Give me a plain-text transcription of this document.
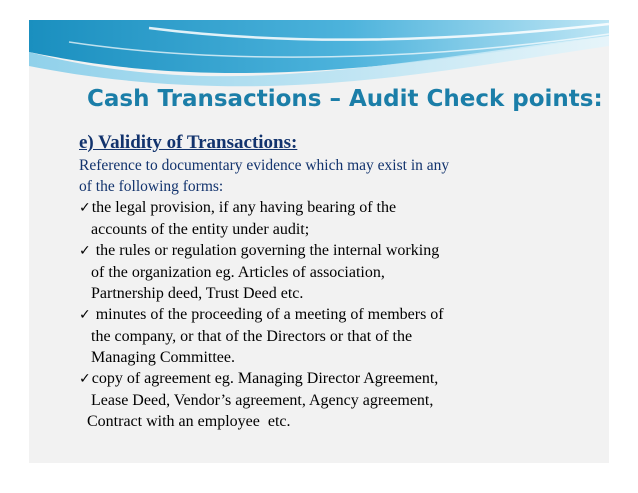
Cash Transactions – Audit Check points:
e) Validity of Transactions:
Reference to documentary evidence which may exist in any
of the following forms:
✓the legal provision, if any having bearing of the
accounts of the entity under audit;
✓ the rules or regulation governing the internal working
of the organization eg. Articles of association,
Partnership deed, Trust Deed etc.
✓ minutes of the proceeding of a meeting of members of
the company, or that of the Directors or that of the
Managing Committee.
✓copy of agreement eg. Managing Director Agreement,
Lease Deed, Vendor’s agreement, Agency agreement,
Contract with an employee  etc.
